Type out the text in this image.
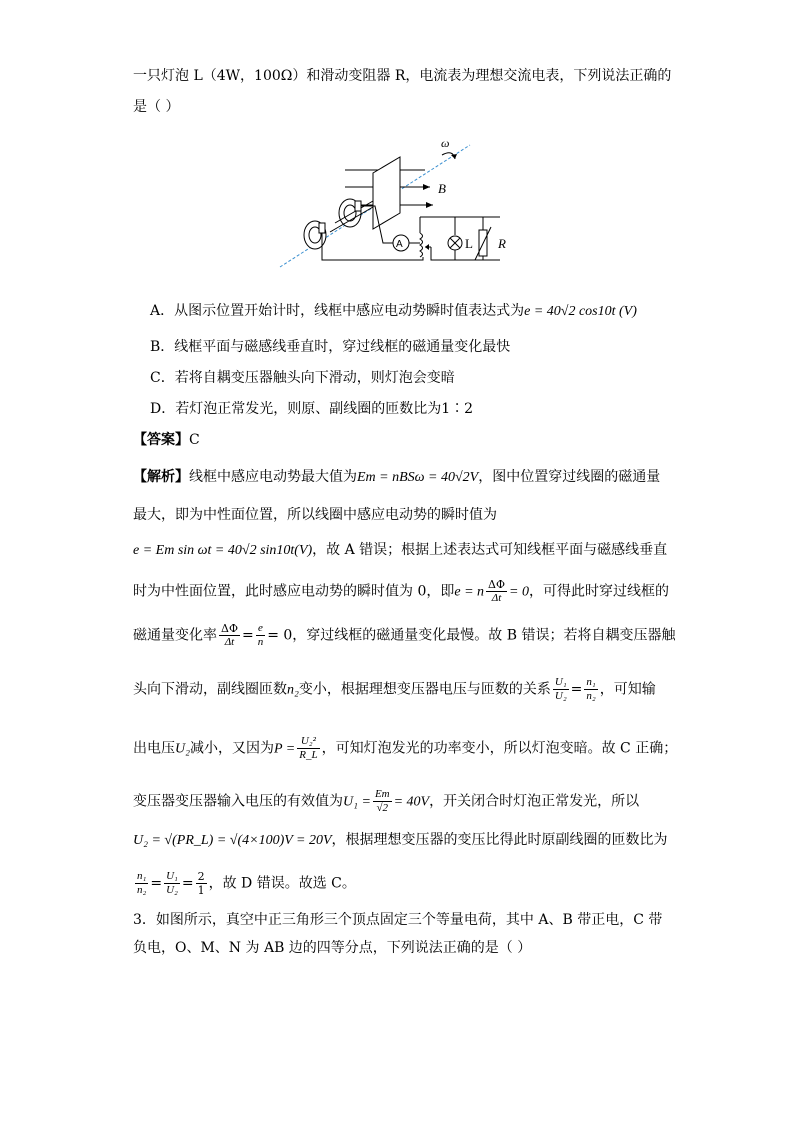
一只灯泡 L（4W，100Ω）和滑动变阻器 R，电流表为理想交流电表，下列说法正确的
是（ ）
ω
B
A	L R
A．从图示位置开始计时，线框中感应电动势瞬时值表达式为e = 40√2 cos10t (V)
B．线框平面与磁感线垂直时，穿过线框的磁通量变化最快
C．若将自耦变压器触头向下滑动，则灯泡会变暗
D．若灯泡正常发光，则原、副线圈的匝数比为1∶2
【答案】C
【解析】线框中感应电动势最大值为Em = nBSω = 40√2V，图中位置穿过线圈的磁通量
最大，即为中性面位置，所以线圈中感应电动势的瞬时值为
e = Em sin ωt = 40√2 sin10t(V)，故 A 错误；根据上述表达式可知线框平面与磁感线垂直
时为中性面位置，此时感应电动势的瞬时值为 0，即e = n $\frac{\Delta\Phi}{\Delta t} = 0$，可得此时穿过线框的
磁通量变化率 $\frac{\Delta\Phi}{\Delta t} = \frac{e}{n} = 0$，穿过线框的磁通量变化最慢。故 B 错误；若将自耦变压器触
头向下滑动，副线圈匝数n₂变小，根据理想变压器电压与匝数的关系 $\frac{\text{U₁}}{\text{U₂}} = \frac{\text{n₁}}{\text{n₂}}$ ，可知输
出电压U₂减小，又因为$P = \frac{\text{U₂²}}{R\_L}$ ，可知灯泡发光的功率变小，所以灯泡变暗。故 C 正确；
变压器变压器输入电压的有效值为$U_1 = \frac{Em}{√2} = 40V$，开关闭合时灯泡正常发光，所以
U₂ = √(PR_L) = √(4×100)V = 20V，根据理想变压器的变压比得此时原副线圈的匝数比为
$\frac{\text{n₁}}{\text{n₂}} = \frac{\text{U₁}}{\text{U₂}} = \frac{2}{1}$ ，故 D 错误。故选 C。
3．如图所示，真空中正三角形三个顶点固定三个等量电荷，其中 A、B 带正电，C 带
负电，O、M、N 为 AB 边的四等分点，下列说法正确的是（ ）
